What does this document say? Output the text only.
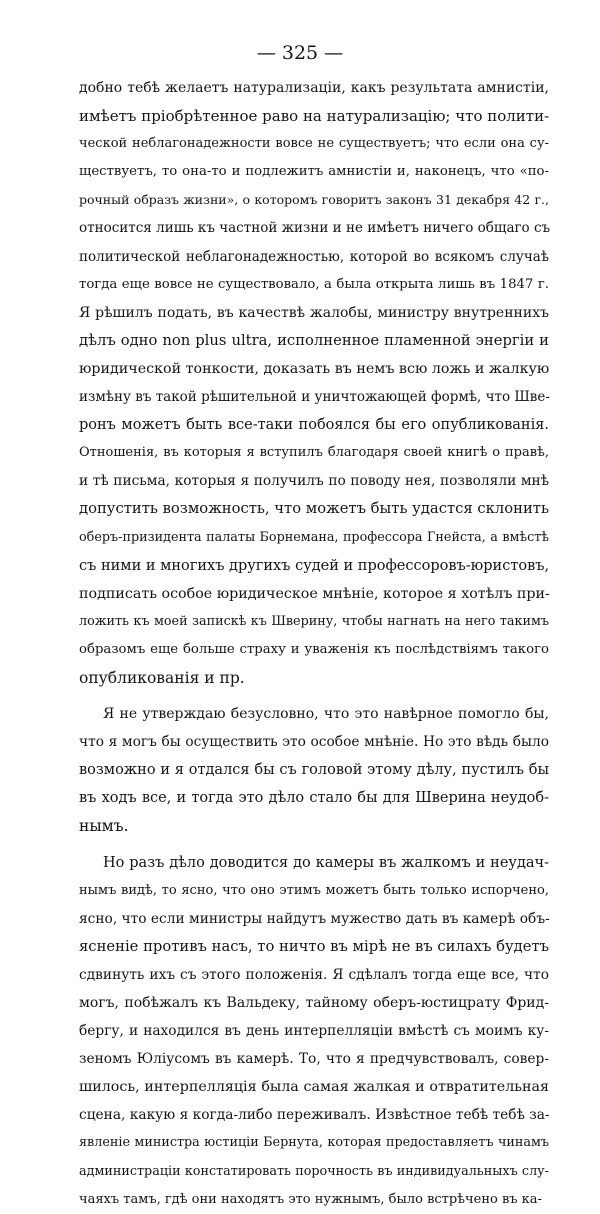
— 325 —
добно тебѣ желаетъ натурализаціи, какъ результата амнистіи,
имѣетъ пріобрѣтенное раво на натурализацію; что полити-
ческой неблагонадежности вовсе не существуетъ; что если она су-
ществуетъ, то она-то и подлежитъ амнистіи и, наконецъ, что «по-
рочный образъ жизни», о которомъ говоритъ законъ 31 декабря 42 г.,
относится лишь къ частной жизни и не имѣетъ ничего общаго съ
политической неблагонадежностью, которой во всякомъ случаѣ
тогда еще вовсе не существовало, а была открыта лишь въ 1847 г.
Я рѣшилъ подать, въ качествѣ жалобы, министру внутреннихъ
дѣлъ одно non plus ultra, исполненное пламенной энергіи и
юридической тонкости, доказать въ немъ всю ложь и жалкую
измѣну въ такой рѣшительной и уничтожающей формѣ, что Шве-
ронъ можетъ быть все-таки побоялся бы его опубликованія.
Отношенія, въ которыя я вступилъ благодаря своей книгѣ о правѣ,
и тѣ письма, которыя я получилъ по поводу нея, позволяли мнѣ
допустить возможность, что можетъ быть удастся склонить
оберъ-призидента палаты Борнемана, профессора Гнейста, а вмѣстѣ
съ ними и многихъ другихъ судей и профессоровъ-юристовъ,
подписать особое юридическое мнѣніе, которое я хотѣлъ при-
ложить къ моей запискѣ къ Шверину, чтобы нагнать на него такимъ
образомъ еще больше страху и уваженія къ послѣдствіямъ такого
опубликованія и пр.
Я не утверждаю безусловно, что это навѣрное помогло бы,
что я могъ бы осуществить это особое мнѣніе. Но это вѣдь было
возможно и я отдался бы съ головой этому дѣлу, пустилъ бы
въ ходъ все, и тогда это дѣло стало бы для Шверина неудоб-
нымъ.
Но разъ дѣло доводится до камеры въ жалкомъ и неудач-
нымъ видѣ, то ясно, что оно этимъ можетъ быть только испорчено,
ясно, что если министры найдутъ мужество дать въ камерѣ объ-
ясненіе противъ насъ, то ничто въ мірѣ не въ силахъ будетъ
сдвинуть ихъ съ этого положенія. Я сдѣлалъ тогда еще все, что
могъ, побѣжалъ къ Вальдеку, тайному оберъ-юстицрату Фрид-
бергу, и находился въ день интерпелляціи вмѣстѣ съ моимъ ку-
зеномъ Юліусомъ въ камерѣ. То, что я предчувствовалъ, совер-
шилось, интерпелляція была самая жалкая и отвратительная
сцена, какую я когда-либо переживалъ. Извѣстное тебѣ тебѣ за-
явленіе министра юстиціи Бернута, которая предоставляетъ чинамъ
администраціи констатировать порочность въ индивидуальныхъ слу-
чаяхъ тамъ, гдѣ они находятъ это нужнымъ, было встрѣчено въ ка-
